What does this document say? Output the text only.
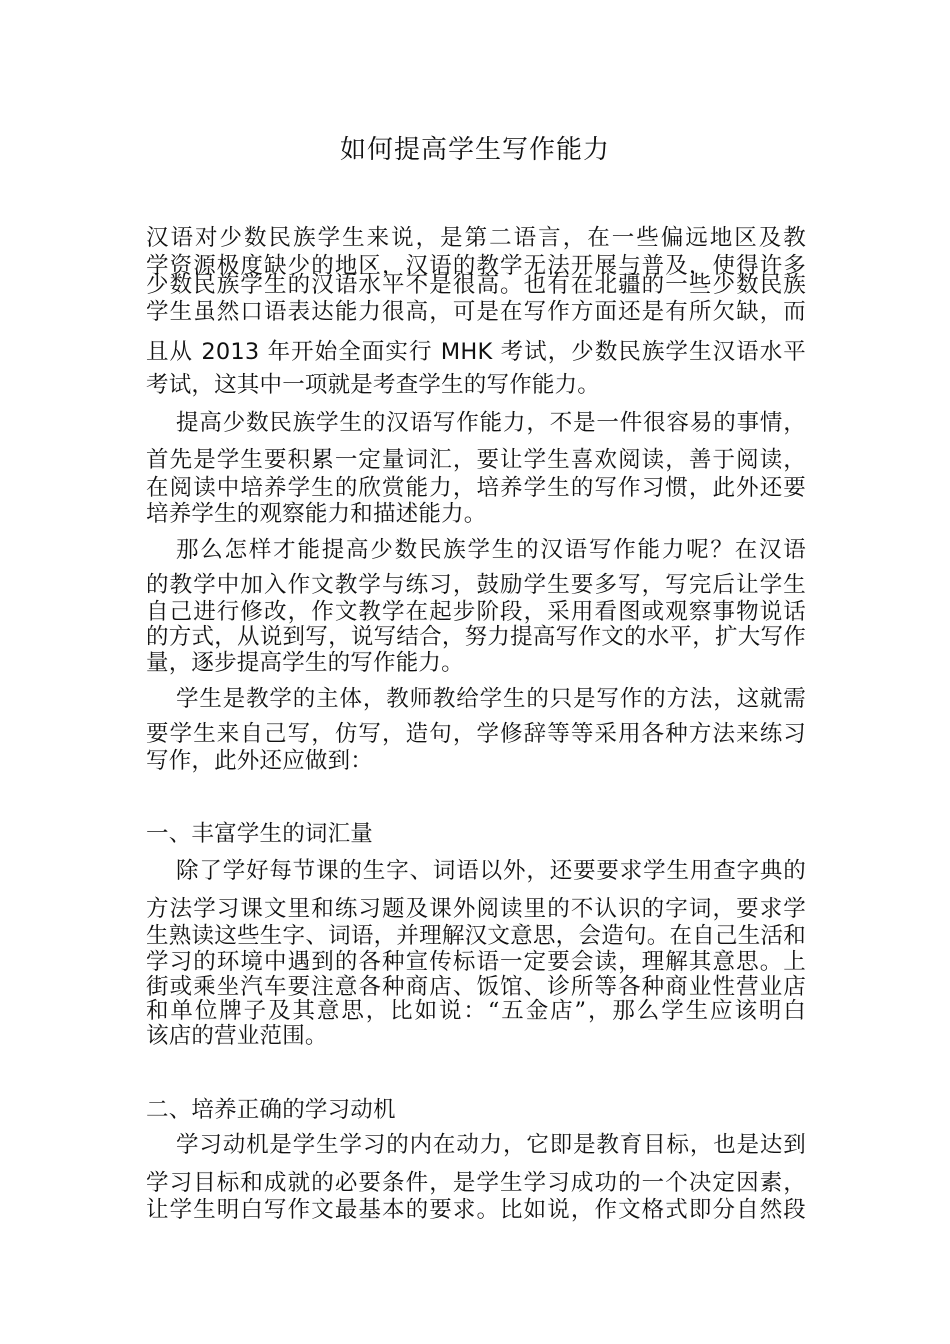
如何提高学生写作能力
汉语对少数民族学生来说，是第二语言，在一些偏远地区及教
学资源极度缺少的地区，汉语的教学无法开展与普及，使得许多
少数民族学生的汉语水平不是很高。也有在北疆的一些少数民族
学生虽然口语表达能力很高，可是在写作方面还是有所欠缺，而
且从 2013 年开始全面实行 MHK 考试，少数民族学生汉语水平
考试，这其中一项就是考查学生的写作能力。
提高少数民族学生的汉语写作能力，不是一件很容易的事情，
首先是学生要积累一定量词汇，要让学生喜欢阅读，善于阅读，
在阅读中培养学生的欣赏能力，培养学生的写作习惯，此外还要
培养学生的观察能力和描述能力。
那么怎样才能提高少数民族学生的汉语写作能力呢？在汉语
的教学中加入作文教学与练习，鼓励学生要多写，写完后让学生
自己进行修改，作文教学在起步阶段，采用看图或观察事物说话
的方式，从说到写，说写结合，努力提高写作文的水平，扩大写作
量，逐步提高学生的写作能力。
学生是教学的主体，教师教给学生的只是写作的方法，这就需
要学生来自己写，仿写，造句，学修辞等等采用各种方法来练习
写作，此外还应做到：
一、丰富学生的词汇量
除了学好每节课的生字、词语以外，还要要求学生用查字典的
方法学习课文里和练习题及课外阅读里的不认识的字词，要求学
生熟读这些生字、词语，并理解汉文意思，会造句。在自己生活和
学习的环境中遇到的各种宣传标语一定要会读，理解其意思。上
街或乘坐汽车要注意各种商店、饭馆、诊所等各种商业性营业店
和单位牌子及其意思，比如说：“五金店”，那么学生应该明白
该店的营业范围。
二、培养正确的学习动机
学习动机是学生学习的内在动力，它即是教育目标，也是达到
学习目标和成就的必要条件，是学生学习成功的一个决定因素，
让学生明白写作文最基本的要求。比如说，作文格式即分自然段
